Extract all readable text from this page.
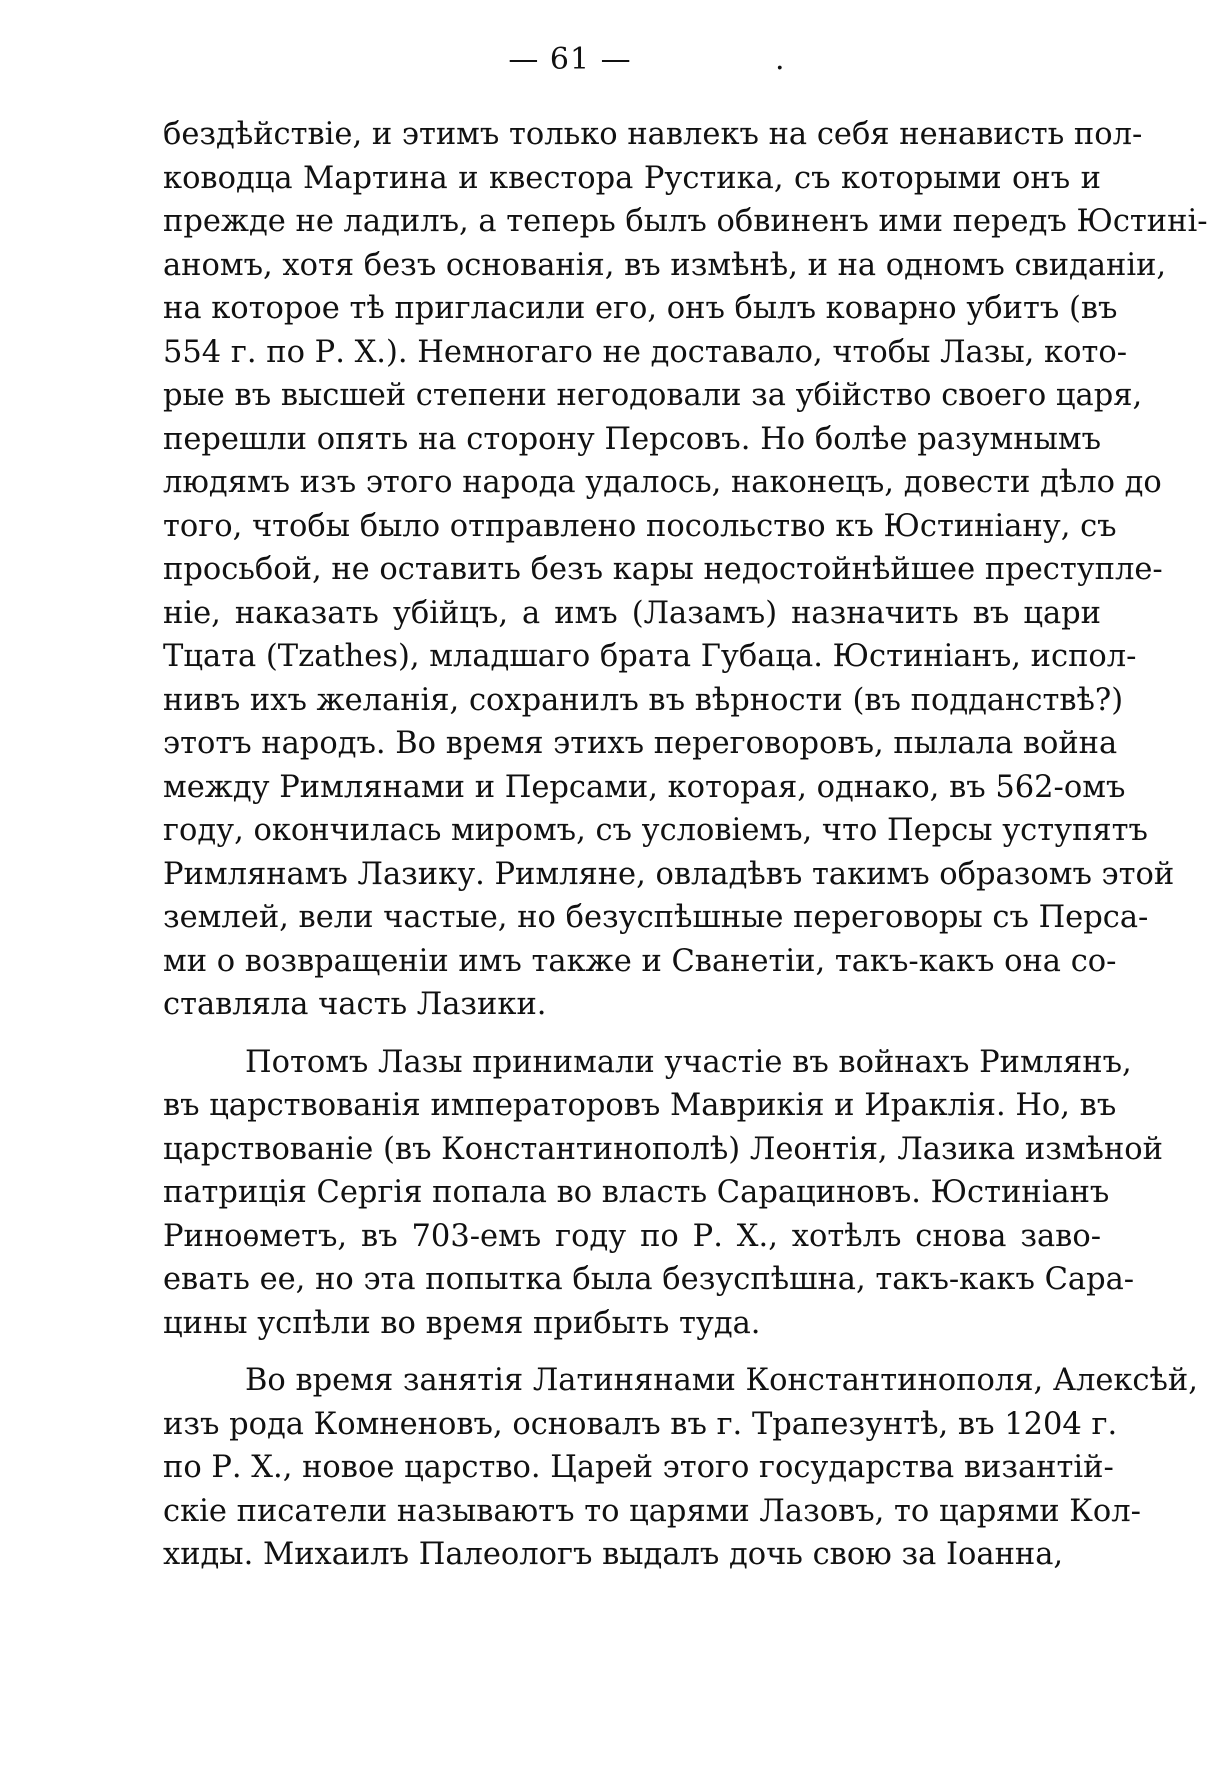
— 61 —	.
бездѣйствіе, и этимъ только навлекъ на себя ненависть пол-
ководца Мартина и квестора Рустика, съ которыми онъ и
прежде не ладилъ, а теперь былъ обвиненъ ими передъ Юстині-
аномъ, хотя безъ основанія, въ измѣнѣ, и на одномъ свиданіи,
на которое тѣ пригласили его, онъ былъ коварно убитъ (въ
554 г. по Р. Х.). Немногаго не доставало, чтобы Лазы, кото-
рые въ высшей степени негодовали за убійство своего царя,
перешли опять на сторону Персовъ. Но болѣе разумнымъ
людямъ изъ этого народа удалось, наконецъ, довести дѣло до
того, чтобы было отправлено посольство къ Юстиніану, съ
просьбой, не оставить безъ кары недостойнѣйшее преступле-
ніе, наказать убійцъ, а имъ (Лазамъ) назначить въ цари
Тцата (Tzathes), младшаго брата Губаца. Юстиніанъ, испол-
нивъ ихъ желанія, сохранилъ въ вѣрности (въ подданствѣ?)
этотъ народъ. Во время этихъ переговоровъ, пылала война
между Римлянами и Персами, которая, однако, въ 562-омъ
году, окончилась миромъ, съ условіемъ, что Персы уступятъ
Римлянамъ Лазику. Римляне, овладѣвъ такимъ образомъ этой
землей, вели частые, но безуспѣшные переговоры съ Перса-
ми о возвращеніи имъ также и Сванетіи, такъ-какъ она со-
ставляла часть Лазики.
Потомъ Лазы принимали участіе въ войнахъ Римлянъ,
въ царствованія императоровъ Маврикія и Ираклія. Но, въ
царствованіе (въ Константинополѣ) Леонтія, Лазика измѣной
патриція Сергія попала во власть Сарациновъ. Юстиніанъ
Риноѳметъ, въ 703-емъ году по Р. Х., хотѣлъ снова заво-
евать ее, но эта попытка была безуспѣшна, такъ-какъ Сара-
цины успѣли во время прибыть туда.
Во время занятія Латинянами Константинополя, Алексѣй,
изъ рода Комненовъ, основалъ въ г. Трапезунтѣ, въ 1204 г.
по Р. Х., новое царство. Царей этого государства византій-
скіе писатели называютъ то царями Лазовъ, то царями Кол-
хиды. Михаилъ Палеологъ выдалъ дочь свою за Іоанна,
